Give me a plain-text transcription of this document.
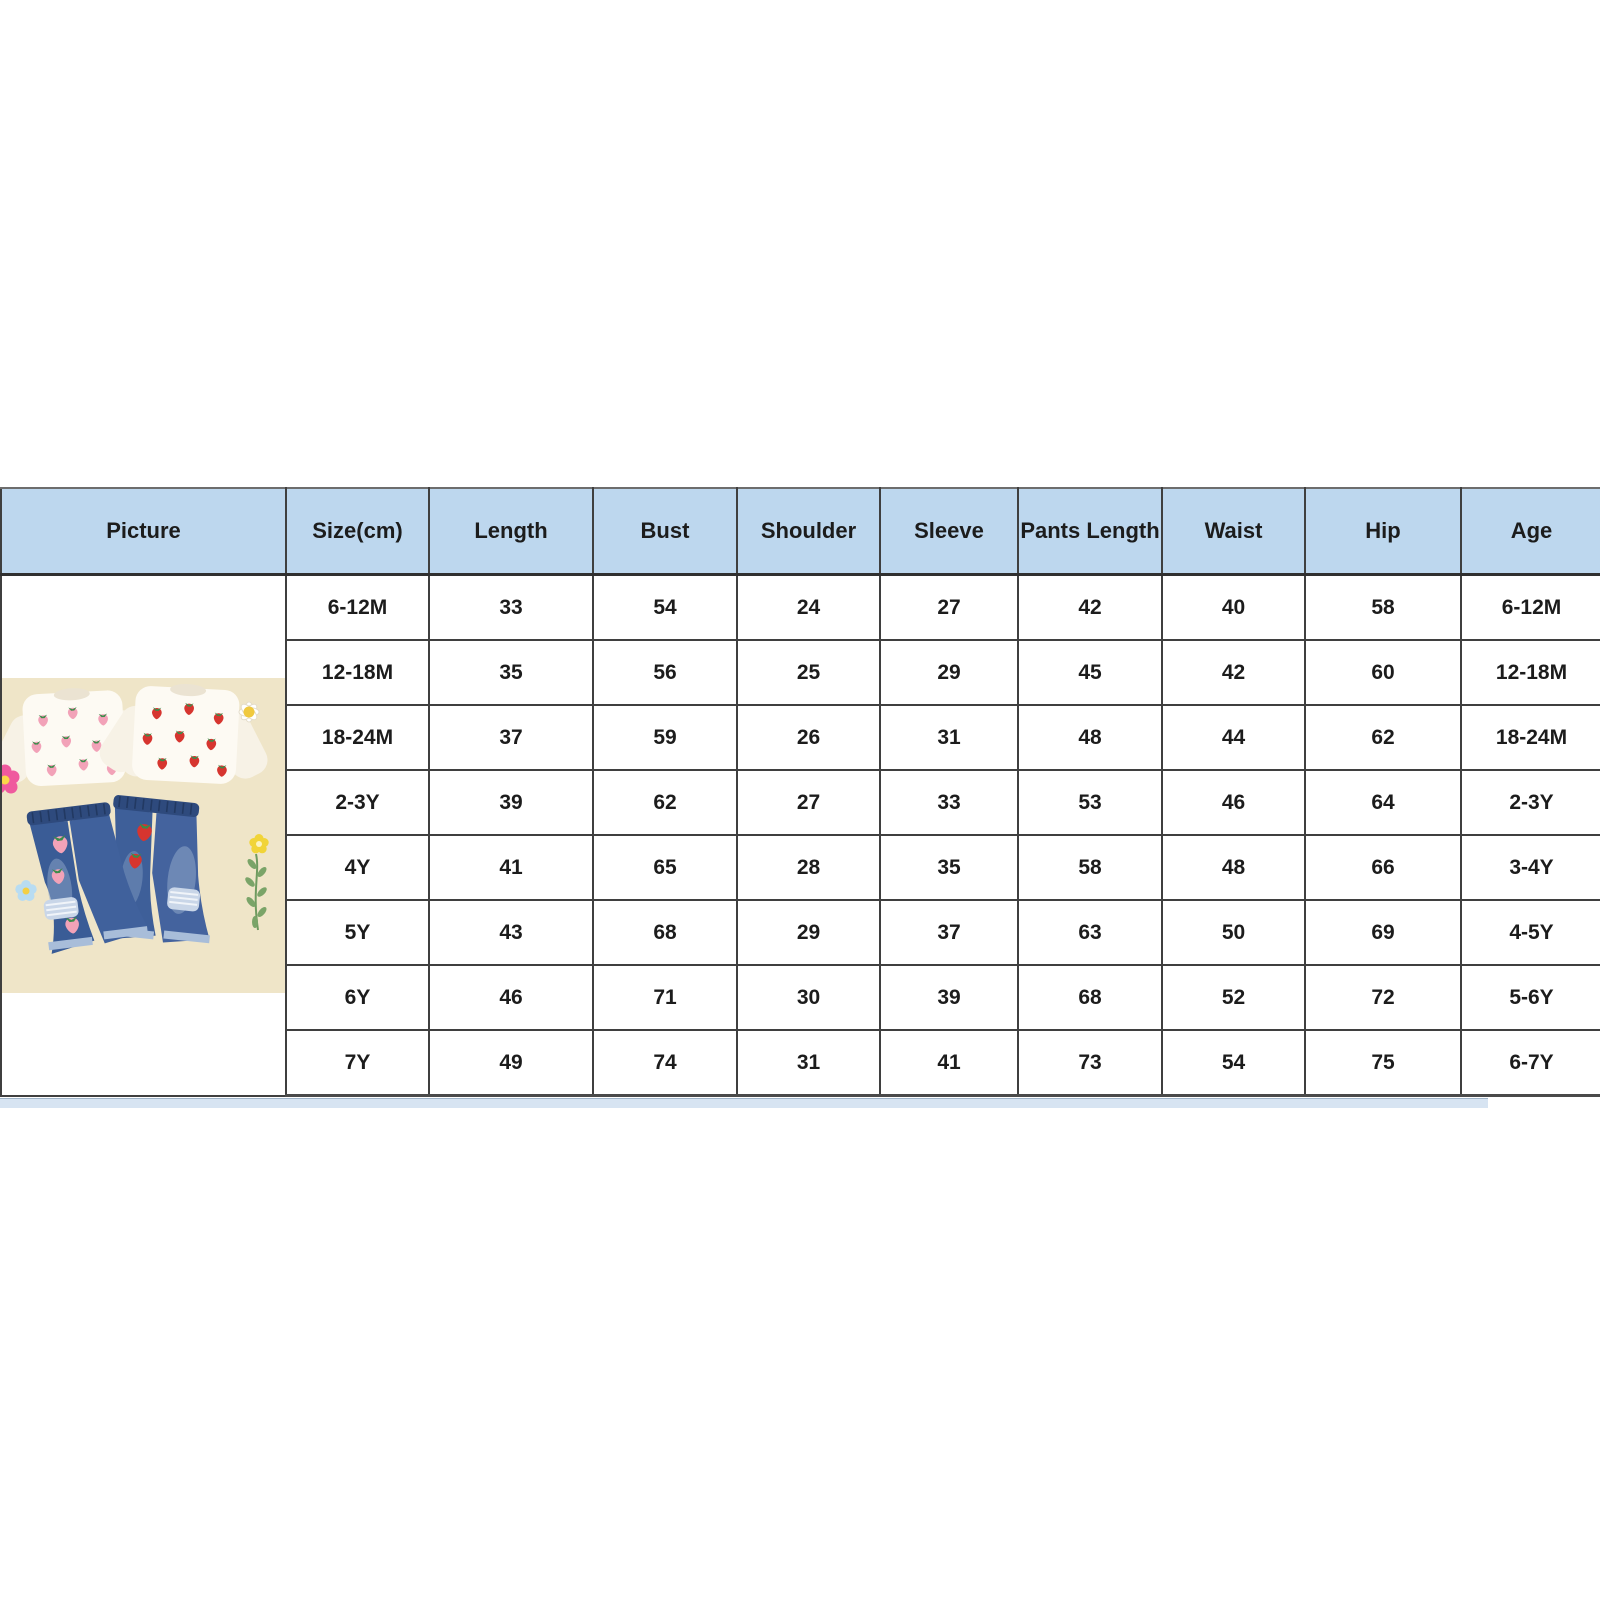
Picture	Size(cm)	Length	Bust	Shoulder	Sleeve	Pants Length	Waist	Hip	Age

	6-12M	33	54	24	27	42	40	58	6-12M
	12-18M	35	56	25	29	45	42	60	12-18M
	18-24M	37	59	26	31	48	44	62	18-24M
	2-3Y	39	62	27	33	53	46	64	2-3Y
	4Y	41	65	28	35	58	48	66	3-4Y
	5Y	43	68	29	37	63	50	69	4-5Y
	6Y	46	71	30	39	68	52	72	5-6Y
	7Y	49	74	31	41	73	54	75	6-7Y
